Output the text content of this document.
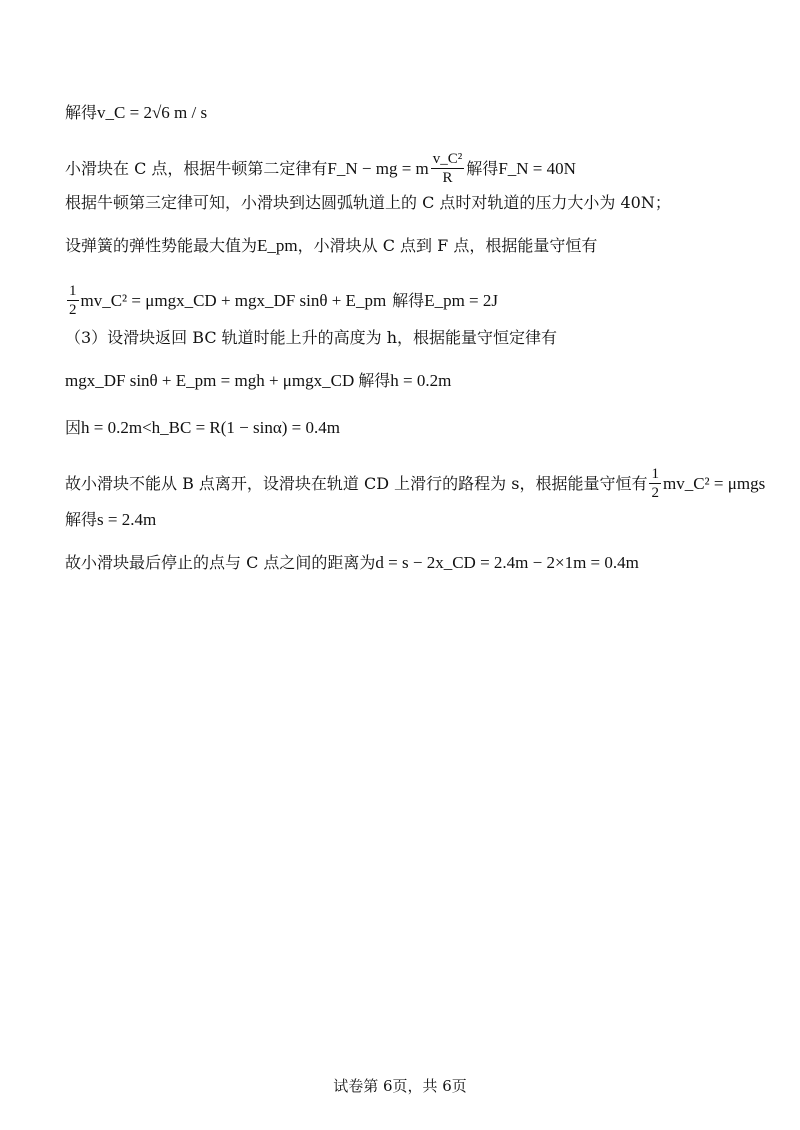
解得 v_C = 2√6 m / s
小滑块在 C 点，根据牛顿第二定律有 F_N − mg = m $\frac{\text{v\_C²}}{R}$ 解得 F_N = 40N
根据牛顿第三定律可知，小滑块到达圆弧轨道上的 C 点时对轨道的压力大小为 40N；
设弹簧的弹性势能最大值为 E_pm ，小滑块从 C 点到 F 点，根据能量守恒有
$\frac{1}{2}$ mv_C² = μmgx_CD + mgx_DF sinθ + E_pm 解得 E_pm = 2J
（3）设滑块返回 BC 轨道时能上升的高度为 h，根据能量守恒定律有
mgx_DF sinθ + E_pm = mgh + μmgx_CD 解得 h = 0.2m
因 h = 0.2m<h_BC = R(1 − sinα) = 0.4m
故小滑块不能从 B 点离开，设滑块在轨道 CD 上滑行的路程为 s，根据能量守恒有 $\frac{1}{2}$ mv_C² = μmgs
解得 s = 2.4m
故小滑块最后停止的点与 C 点之间的距离为 d = s − 2x_CD = 2.4m − 2×1m = 0.4m
试卷第 6页，共 6页
